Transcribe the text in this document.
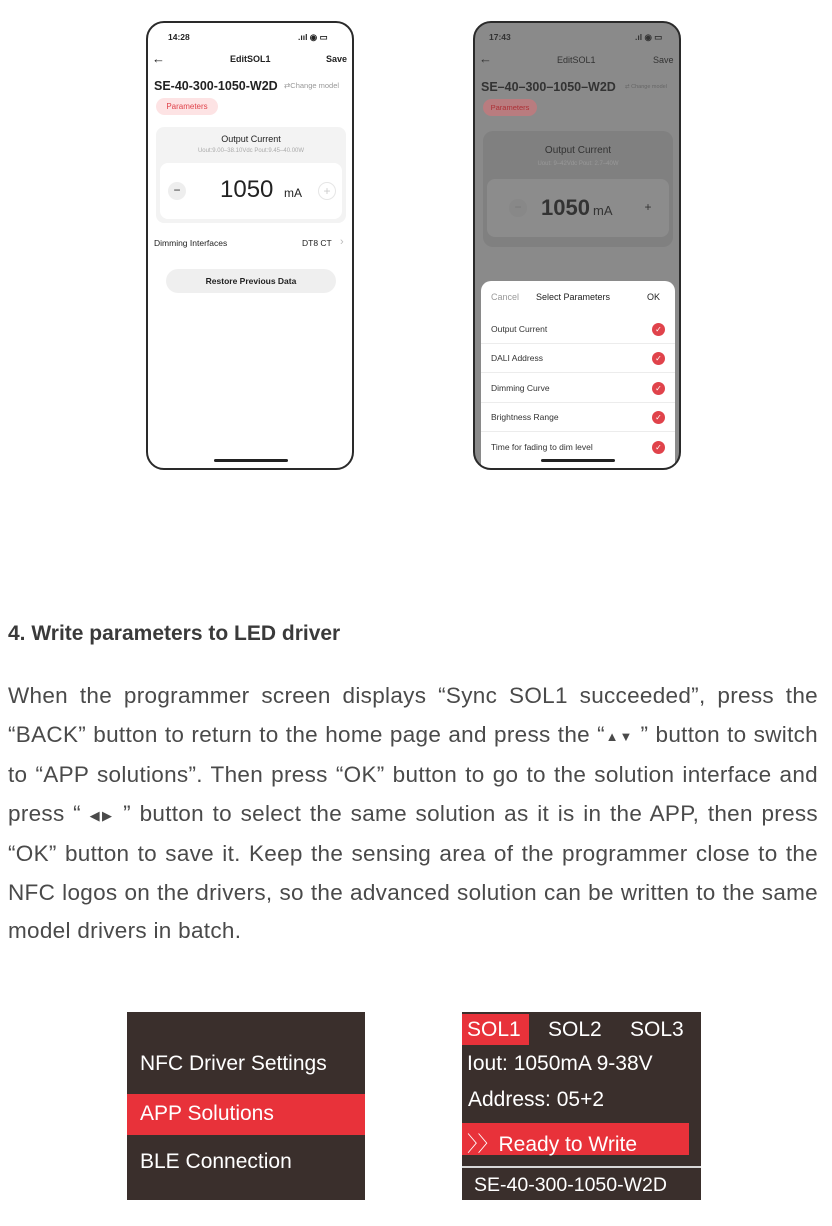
14:28	.ııl ◉ ▭
←	EditSOL1	Save
SE-40-300-1050-W2D ⇄Change model
Parameters
Output Current
Uout:9.00–38.10Vdc Pout:9.45–40.00W
− 1050 mA	+
Dimming Interfaces	DT8 CT ›
Restore Previous Data
17:43	.ıl ◉ ▭
←	EditSOL1	Save
SE–40–300–1050–W2D ⇄ Change model
Parameters
Output Current
Uout: 9–42Vdc Pout: 2.7–40W
− 1050 mA	+
Cancel Select Parameters	OK
Output Current	✓
DALI Address	✓
Dimming Curve	✓
Brightness Range	✓
Time for fading to dim level	✓
4. Write parameters to LED driver

When the programmer screen displays “Sync SOL1 succeeded”, press the “BACK” button to return to the home page and press the “▲▼ ” button to switch to “APP solutions”. Then press “OK” button to go to the solution interface and press “ ◀▶ ” button to select the same solution as it is in the APP, then press “OK” button to save it. Keep the sensing area of the programmer close to the NFC logos on the drivers, so the advanced solution can be written to the same model drivers in batch.

NFC Driver Settings
APP Solutions
BLE Connection
SOL1 SOL2 SOL3
Iout: 1050mA 9-38V
Address: 05+2
〉〉Ready to Write
SE-40-300-1050-W2D
